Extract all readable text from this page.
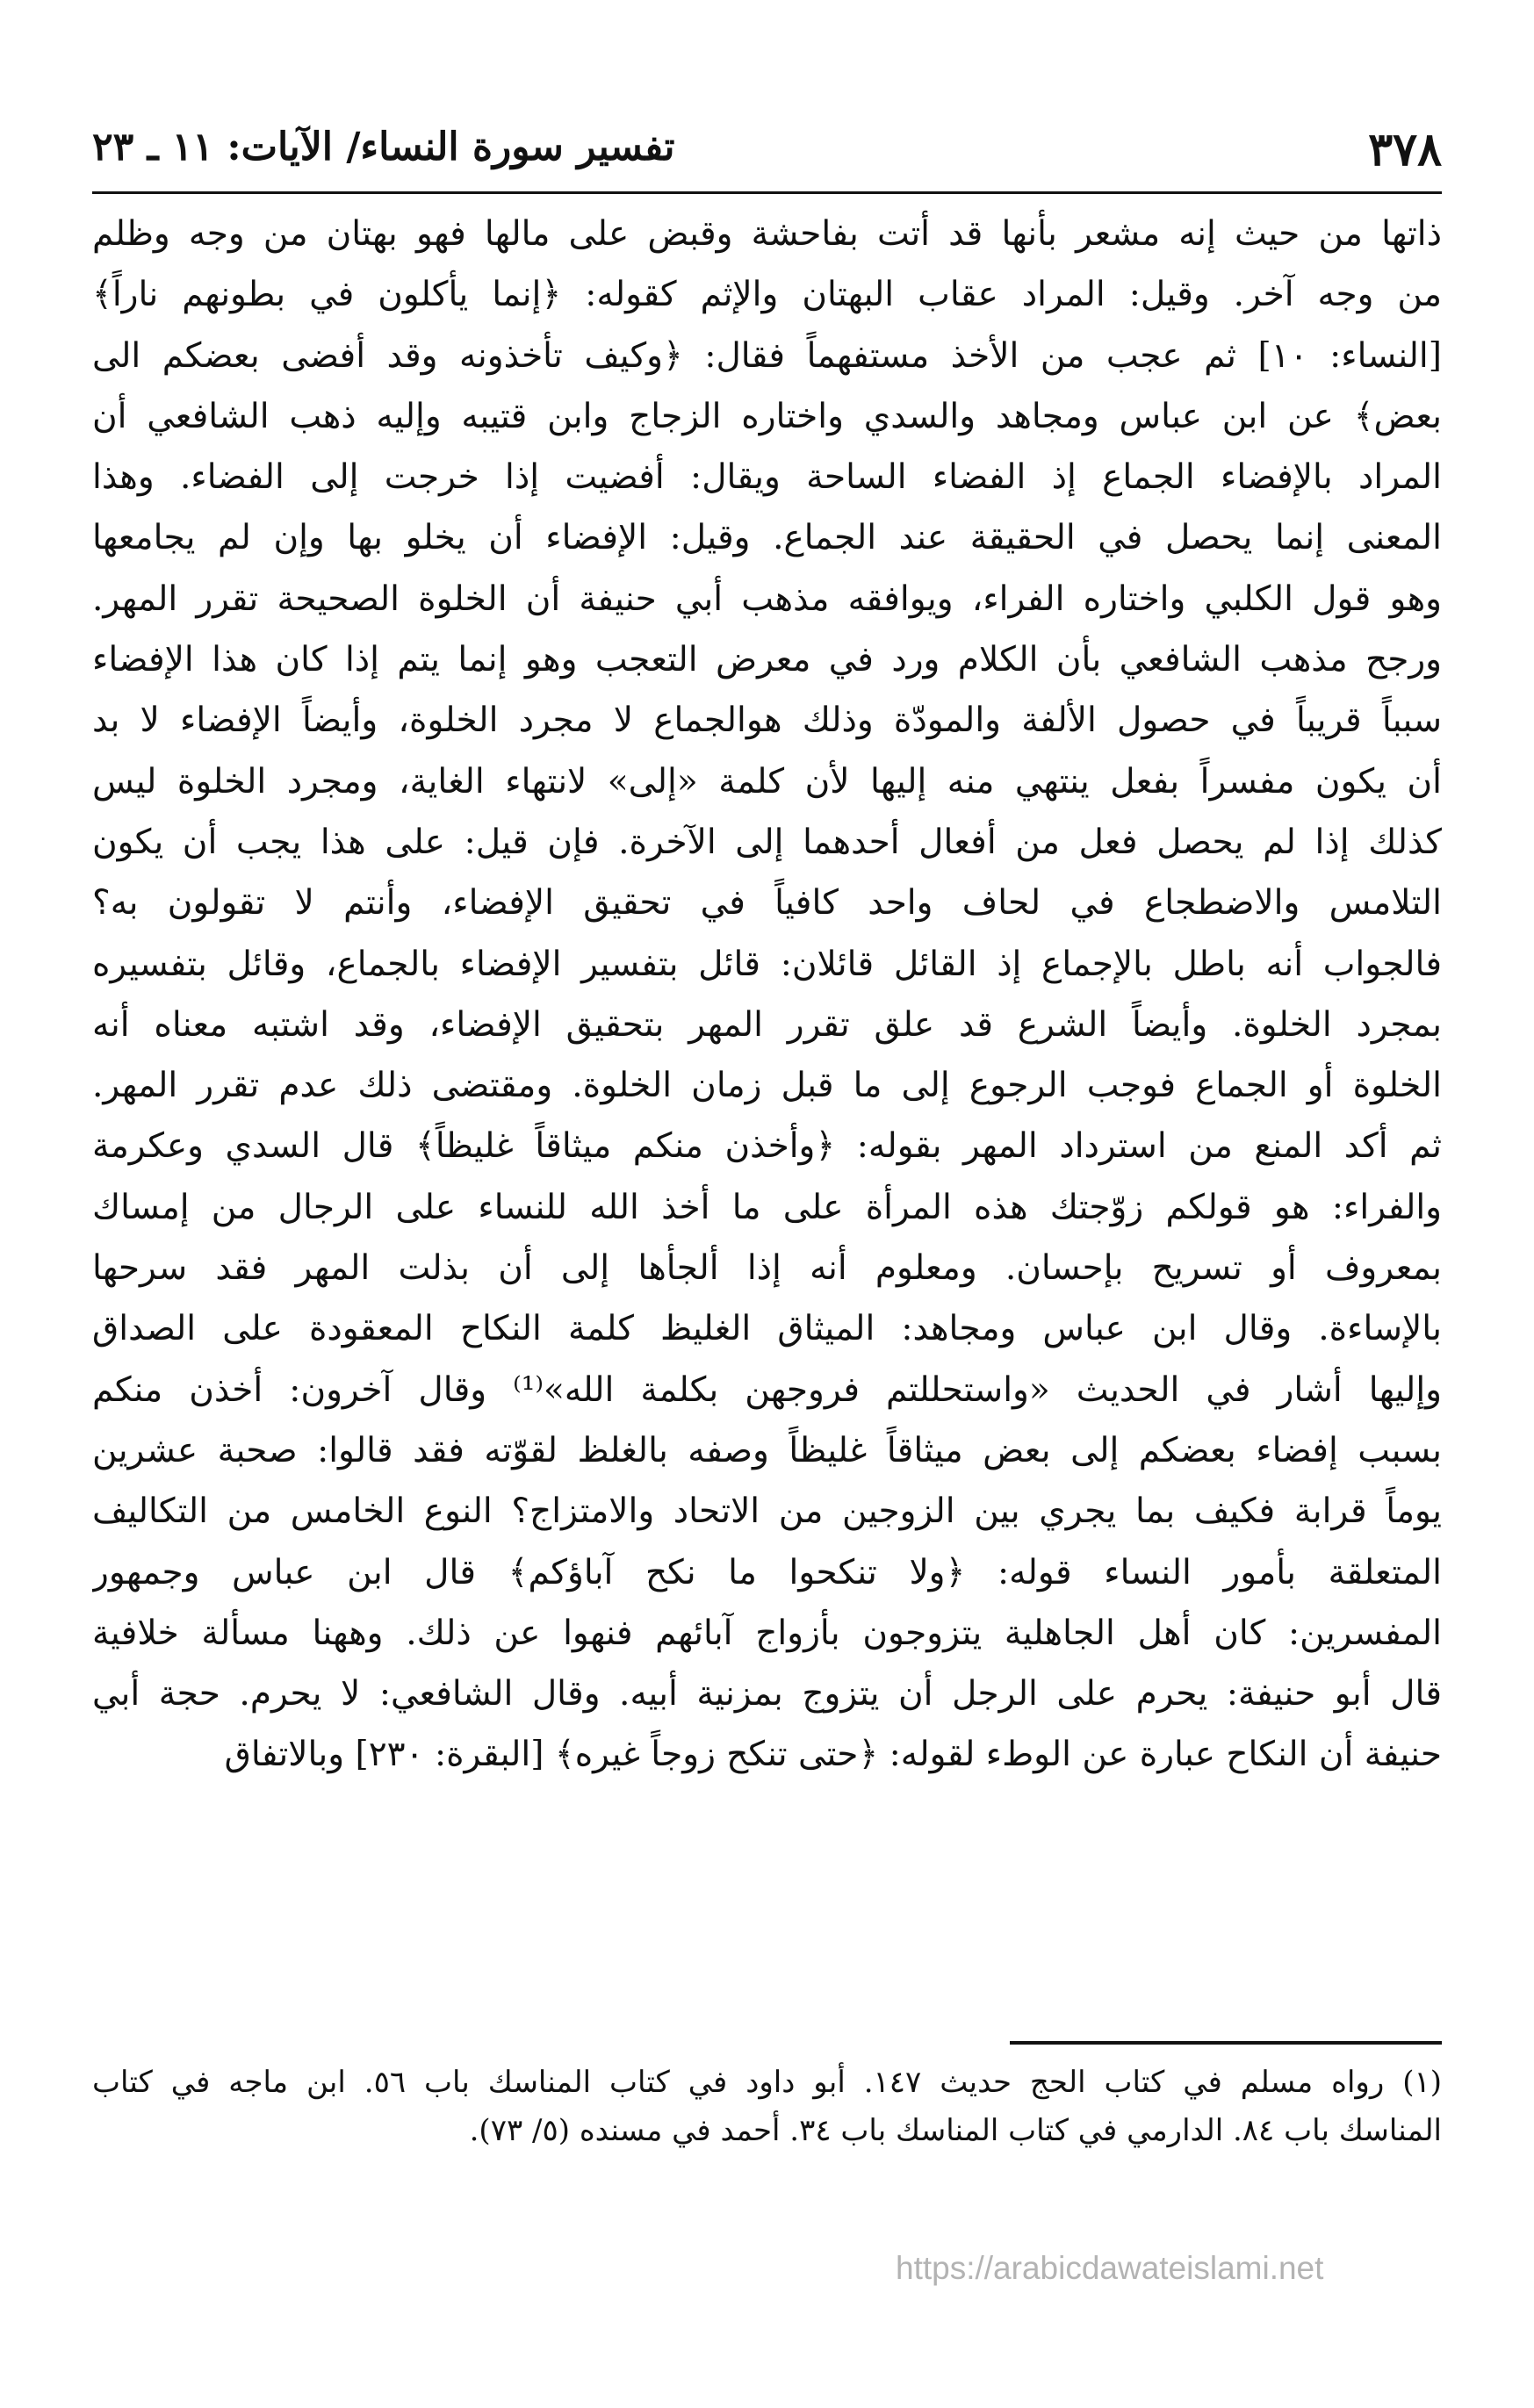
٣٧٨
تفسير سورة النساء/ الآيات: ١١ ـ ٢٣
ذاتها من حيث إنه مشعر بأنها قد أتت بفاحشة وقبض على مالها فهو بهتان من وجه وظلم
من وجه آخر. وقيل: المراد عقاب البهتان والإثم كقوله: ﴿إنما يأكلون في بطونهم ناراً﴾
[النساء: ١٠] ثم عجب من الأخذ مستفهماً فقال: ﴿وكيف تأخذونه وقد أفضى بعضكم الى
بعض﴾ عن ابن عباس ومجاهد والسدي واختاره الزجاج وابن قتيبه وإليه ذهب الشافعي أن
المراد بالإفضاء الجماع إذ الفضاء الساحة ويقال: أفضيت إذا خرجت إلى الفضاء. وهذا
المعنى إنما يحصل في الحقيقة عند الجماع. وقيل: الإفضاء أن يخلو بها وإن لم يجامعها
وهو قول الكلبي واختاره الفراء، ويوافقه مذهب أبي حنيفة أن الخلوة الصحيحة تقرر المهر.
ورجح مذهب الشافعي بأن الكلام ورد في معرض التعجب وهو إنما يتم إذا كان هذا الإفضاء
سبباً قريباً في حصول الألفة والمودّة وذلك هوالجماع لا مجرد الخلوة، وأيضاً الإفضاء لا بد
أن يكون مفسراً بفعل ينتهي منه إليها لأن كلمة «إلى» لانتهاء الغاية، ومجرد الخلوة ليس
كذلك إذا لم يحصل فعل من أفعال أحدهما إلى الآخرة. فإن قيل: على هذا يجب أن يكون
التلامس والاضطجاع في لحاف واحد كافياً في تحقيق الإفضاء، وأنتم لا تقولون به؟
فالجواب أنه باطل بالإجماع إذ القائل قائلان: قائل بتفسير الإفضاء بالجماع، وقائل بتفسيره
بمجرد الخلوة. وأيضاً الشرع قد علق تقرر المهر بتحقيق الإفضاء، وقد اشتبه معناه أنه
الخلوة أو الجماع فوجب الرجوع إلى ما قبل زمان الخلوة. ومقتضى ذلك عدم تقرر المهر.
ثم أكد المنع من استرداد المهر بقوله: ﴿وأخذن منكم ميثاقاً غليظاً﴾ قال السدي وعكرمة
والفراء: هو قولكم زوّجتك هذه المرأة على ما أخذ الله للنساء على الرجال من إمساك
بمعروف أو تسريح بإحسان. ومعلوم أنه إذا ألجأها إلى أن بذلت المهر فقد سرحها
بالإساءة. وقال ابن عباس ومجاهد: الميثاق الغليظ كلمة النكاح المعقودة على الصداق
وإليها أشار في الحديث «واستحللتم فروجهن بكلمة الله»⁽¹⁾ وقال آخرون: أخذن منكم
بسبب إفضاء بعضكم إلى بعض ميثاقاً غليظاً وصفه بالغلظ لقوّته فقد قالوا: صحبة عشرين
يوماً قرابة فكيف بما يجري بين الزوجين من الاتحاد والامتزاج؟ النوع الخامس من التكاليف
المتعلقة بأمور النساء قوله: ﴿ولا تنكحوا ما نكح آباؤكم﴾ قال ابن عباس وجمهور
المفسرين: كان أهل الجاهلية يتزوجون بأزواج آبائهم فنهوا عن ذلك. وههنا مسألة خلافية
قال أبو حنيفة: يحرم على الرجل أن يتزوج بمزنية أبيه. وقال الشافعي: لا يحرم. حجة أبي
حنيفة أن النكاح عبارة عن الوطء لقوله: ﴿حتى تنكح زوجاً غيره﴾ [البقرة: ٢٣٠] وبالاتفاق
(١) رواه مسلم في كتاب الحج حديث ١٤٧. أبو داود في كتاب المناسك باب ٥٦. ابن ماجه في كتاب
المناسك باب ٨٤. الدارمي في كتاب المناسك باب ٣٤. أحمد في مسنده (٥/ ٧٣).
https://arabicdawateislami.net
